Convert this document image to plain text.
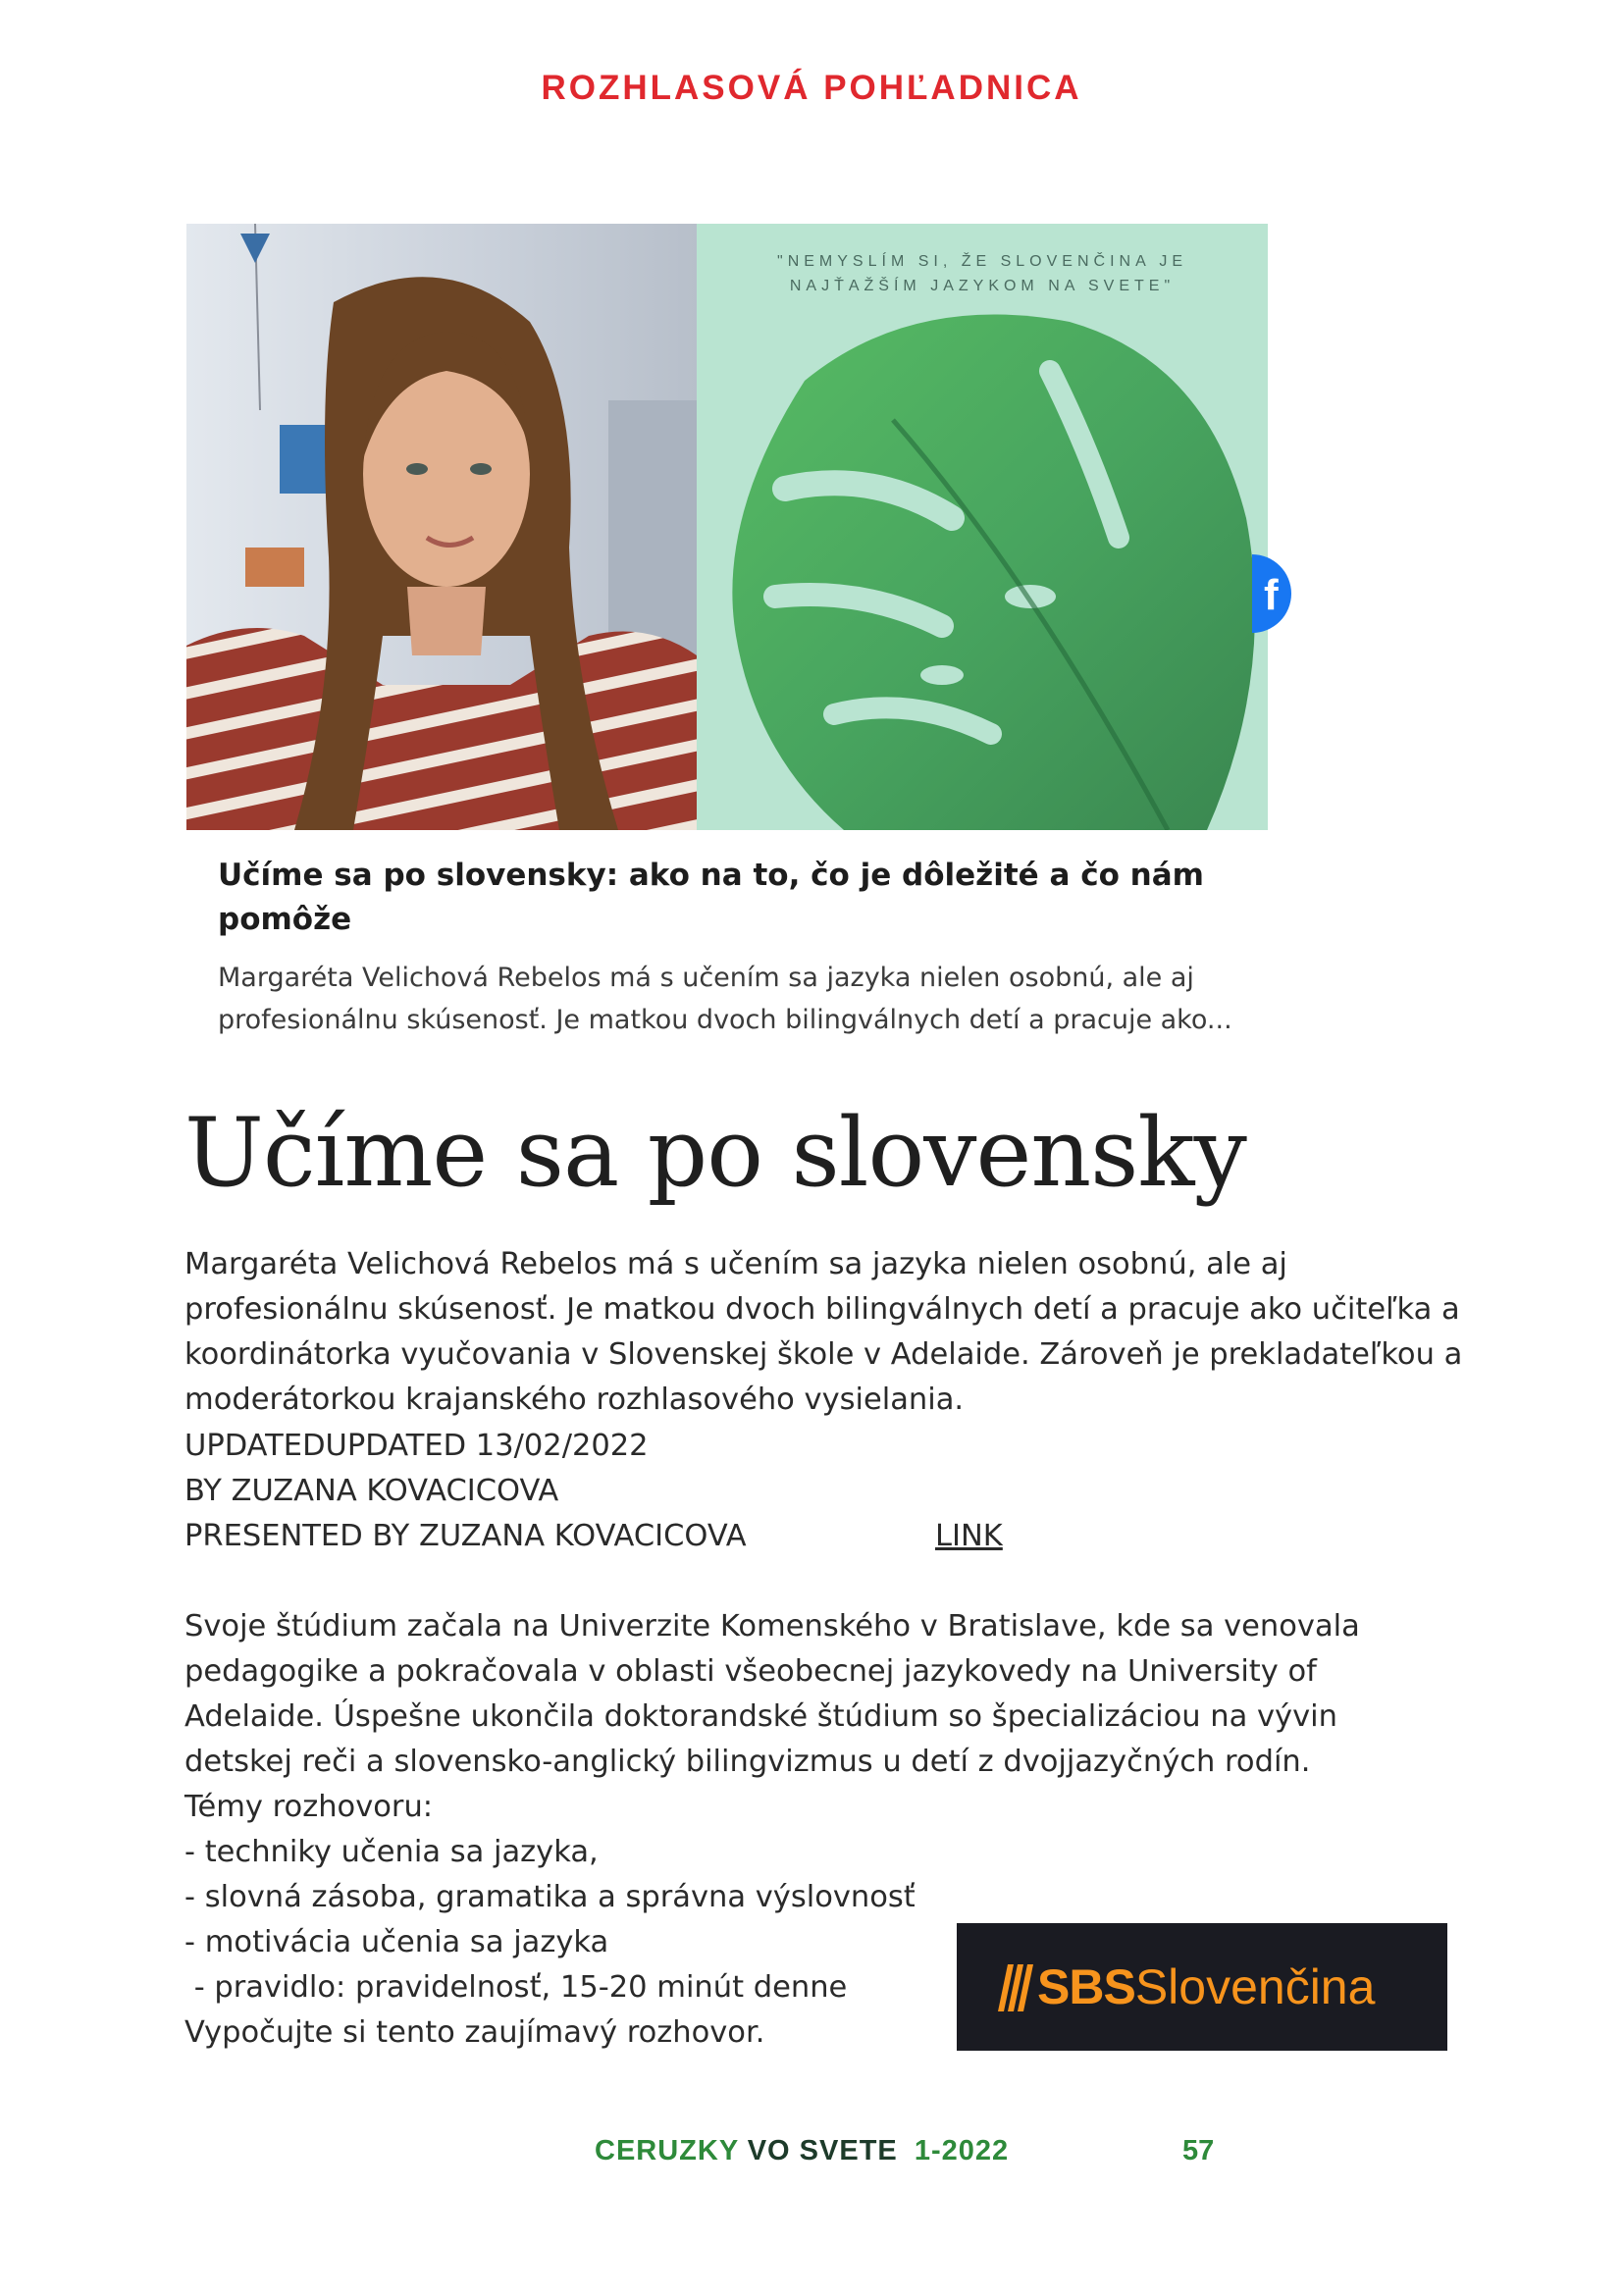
ROZHLASOVÁ POHĽADNICA
"NEMYSLÍM SI, ŽE SLOVENČINA JE
NAJŤAŽŠÍM JAZYKOM NA SVETE"
f
Učíme sa po slovensky: ako na to, čo je dôležité a čo nám pomôže
Margaréta Velichová Rebelos má s učením sa jazyka nielen osobnú, ale aj profesionálnu skúsenosť. Je matkou dvoch bilingválnych detí a pracuje ako...
Učíme sa po slovensky
Margaréta Velichová Rebelos má s učením sa jazyka nielen osobnú, ale aj profesionálnu skúsenosť. Je matkou dvoch bilingválnych detí a pracuje ako učiteľka a koordinátorka vyučovania v Slovenskej škole v Adelaide. Zároveň je prekladateľkou a moderátorkou krajanského rozhlasového vysielania.
UPDATEDUPDATED 13/02/2022
BY ZUZANA KOVACICOVA
PRESENTED BY ZUZANA KOVACICOVA	LINK
Svoje štúdium začala na Univerzite Komenského v Bratislave, kde sa venovala pedagogike a pokračovala v oblasti všeobecnej jazykovedy na University of Adelaide. Úspešne ukončila doktorandské štúdium so špecializáciou na vývin detskej reči a slovensko-anglický bilingvizmus u detí z dvojjazyčných rodín.
Témy rozhovoru:
- techniky učenia sa jazyka,
- slovná zásoba, gramatika a správna výslovnosť
- motivácia učenia sa jazyka
- pravidlo: pravidelnosť, 15-20 minút denne
Vypočujte si tento zaujímavý rozhovor.
SBSSlovenčina
CERUZKY VO SVETE 1-2022	57
